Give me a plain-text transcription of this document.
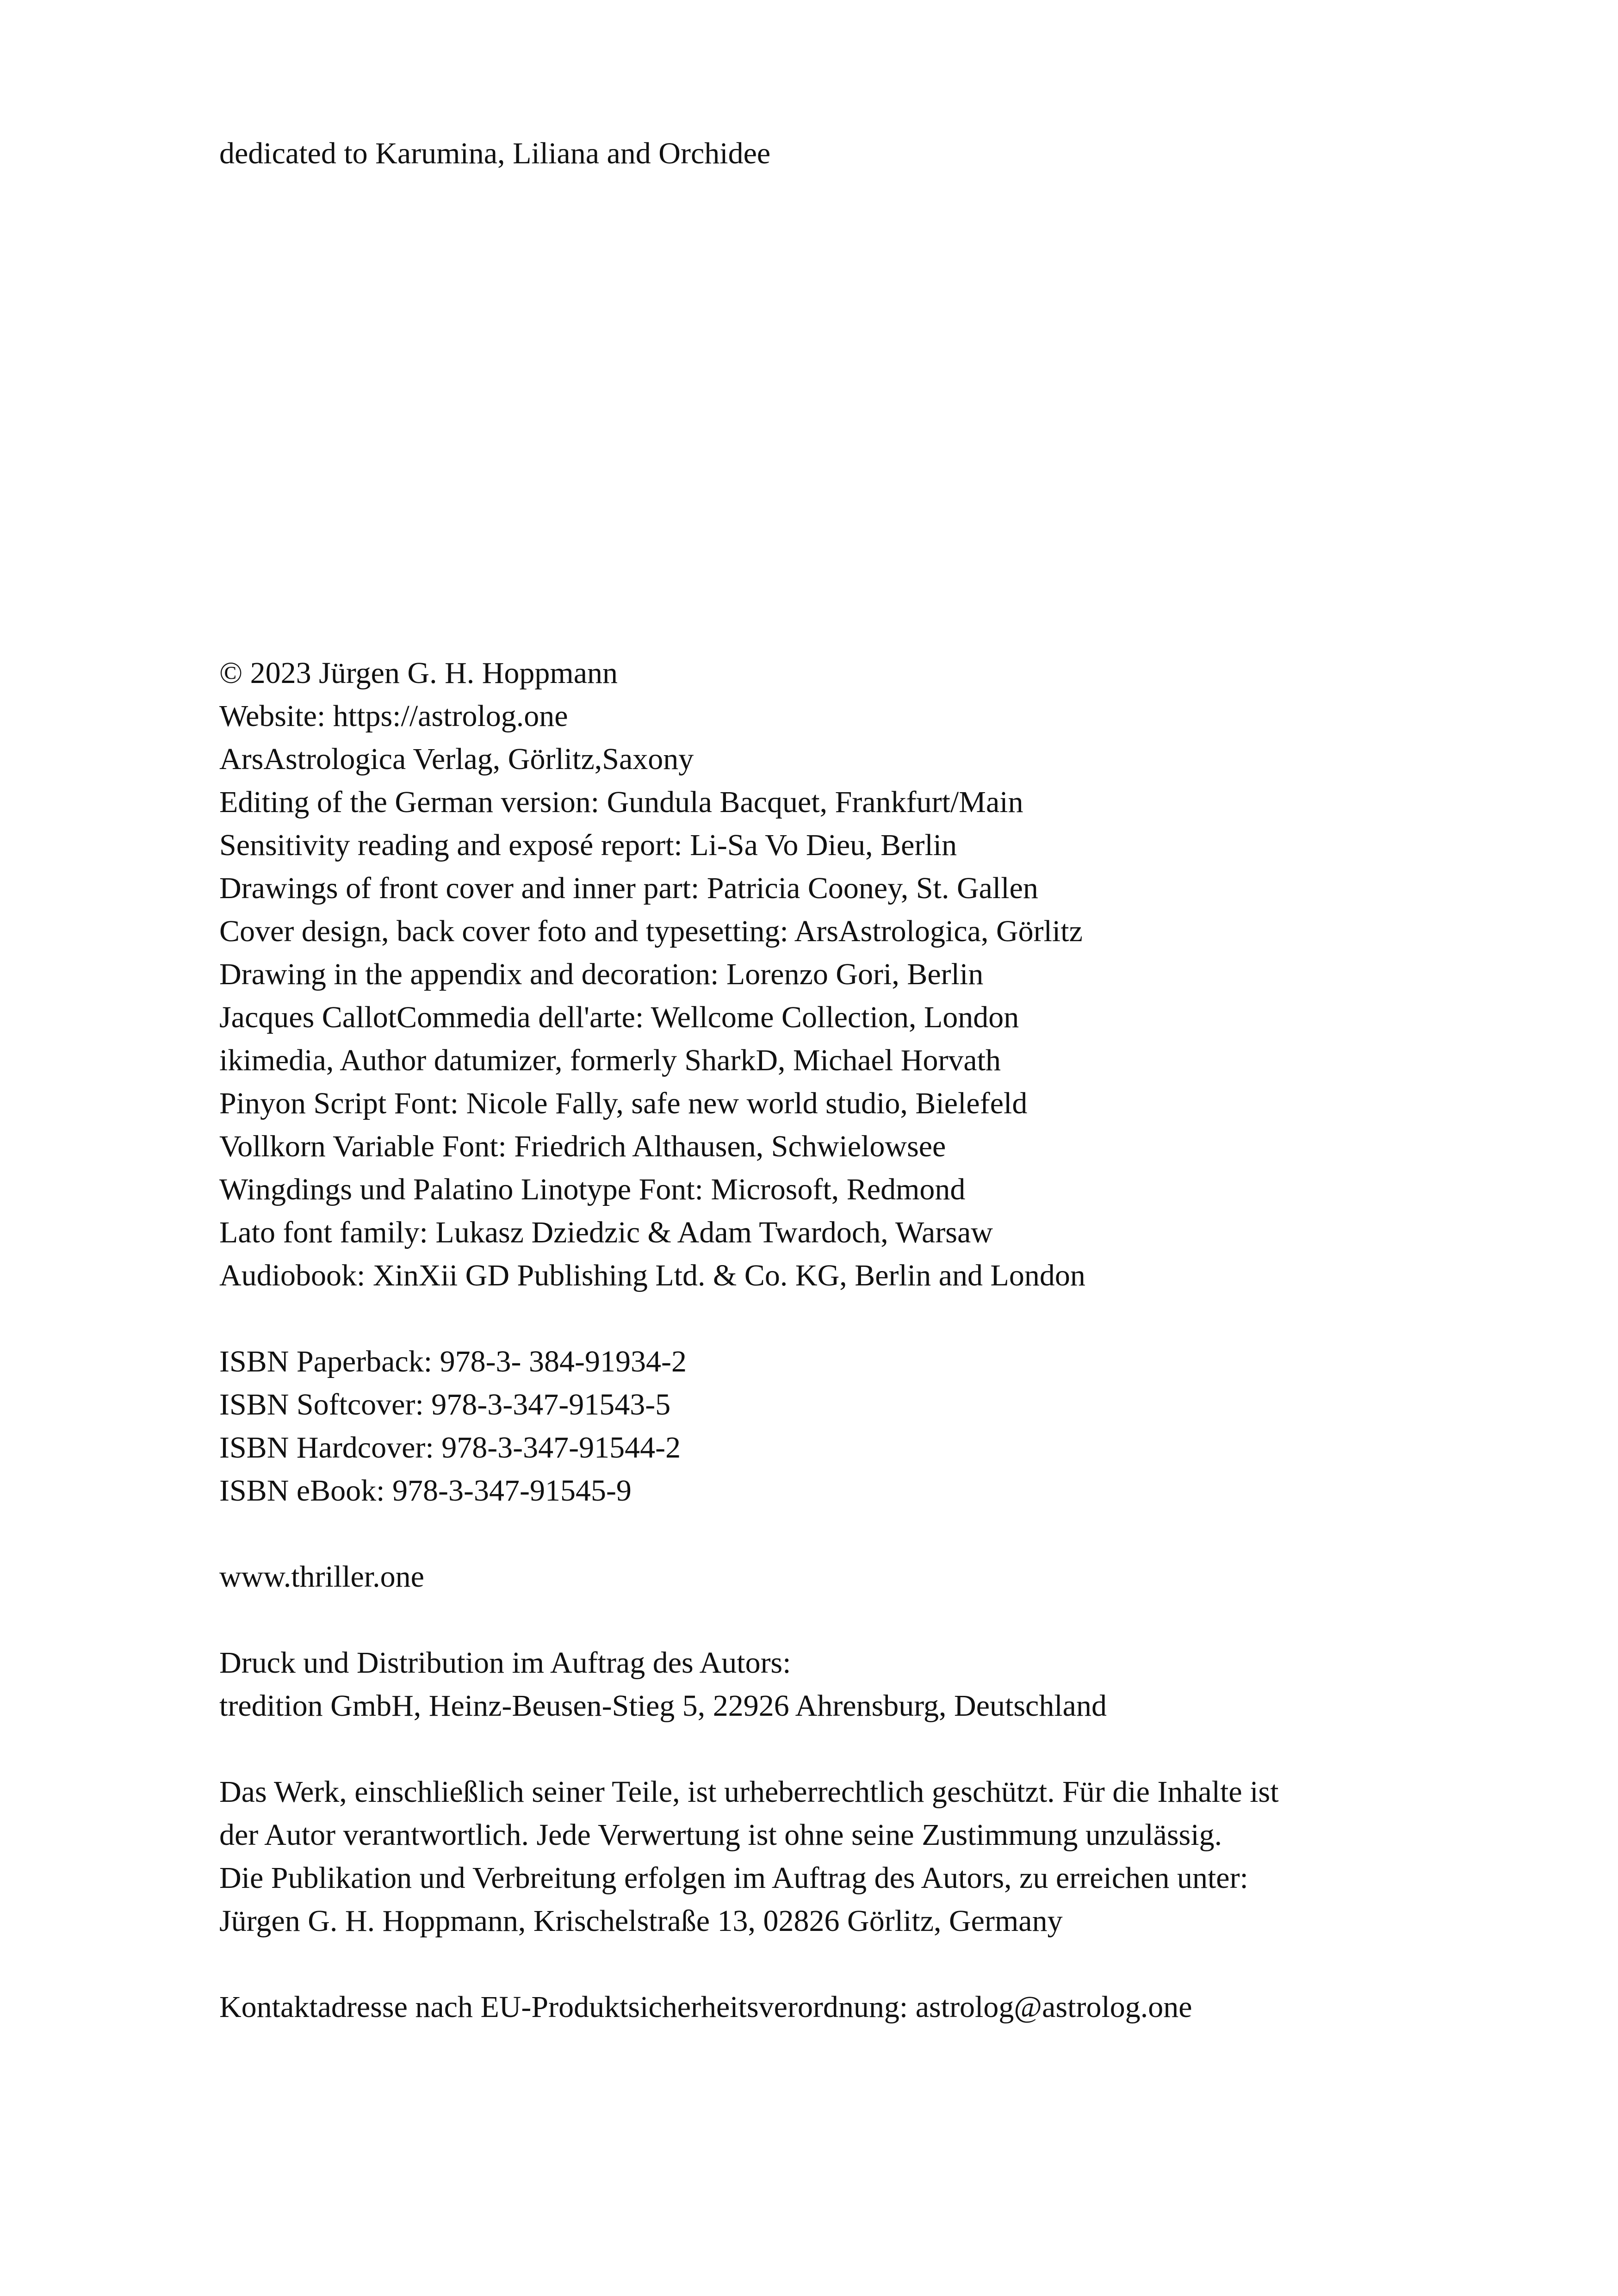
dedicated to Karumina, Liliana and Orchidee
© 2023 Jürgen G. H. Hoppmann
Website: https://astrolog.one
ArsAstrologica Verlag, Görlitz,Saxony
Editing of the German version: Gundula Bacquet, Frankfurt/Main
Sensitivity reading and exposé report: Li-Sa Vo Dieu, Berlin
Drawings of front cover and inner part: Patricia Cooney, St. Gallen
Cover design, back cover foto and typesetting: ArsAstrologica, Görlitz
Drawing in the appendix and decoration: Lorenzo Gori, Berlin
Jacques CallotCommedia dell'arte: Wellcome Collection, London
ikimedia, Author datumizer, formerly SharkD, Michael Horvath
Pinyon Script Font: Nicole Fally, safe new world studio, Bielefeld
Vollkorn Variable Font: Friedrich Althausen, Schwielowsee
Wingdings und Palatino Linotype Font: Microsoft, Redmond
Lato font family: Lukasz Dziedzic & Adam Twardoch, Warsaw
Audiobook: XinXii GD Publishing Ltd. & Co. KG, Berlin and London
ISBN Paperback: 978-3- 384-91934-2
ISBN Softcover: 978-3-347-91543-5
ISBN Hardcover: 978-3-347-91544-2
ISBN eBook: 978-3-347-91545-9
www.thriller.one
Druck und Distribution im Auftrag des Autors:
tredition GmbH, Heinz-Beusen-Stieg 5, 22926 Ahrensburg, Deutschland
Das Werk, einschließlich seiner Teile, ist urheberrechtlich geschützt. Für die Inhalte ist
der Autor verantwortlich. Jede Verwertung ist ohne seine Zustimmung unzulässig.
Die Publikation und Verbreitung erfolgen im Auftrag des Autors, zu erreichen unter:
Jürgen G. H. Hoppmann, Krischelstraße 13, 02826 Görlitz, Germany
Kontaktadresse nach EU-Produktsicherheitsverordnung: astrolog@astrolog.one
